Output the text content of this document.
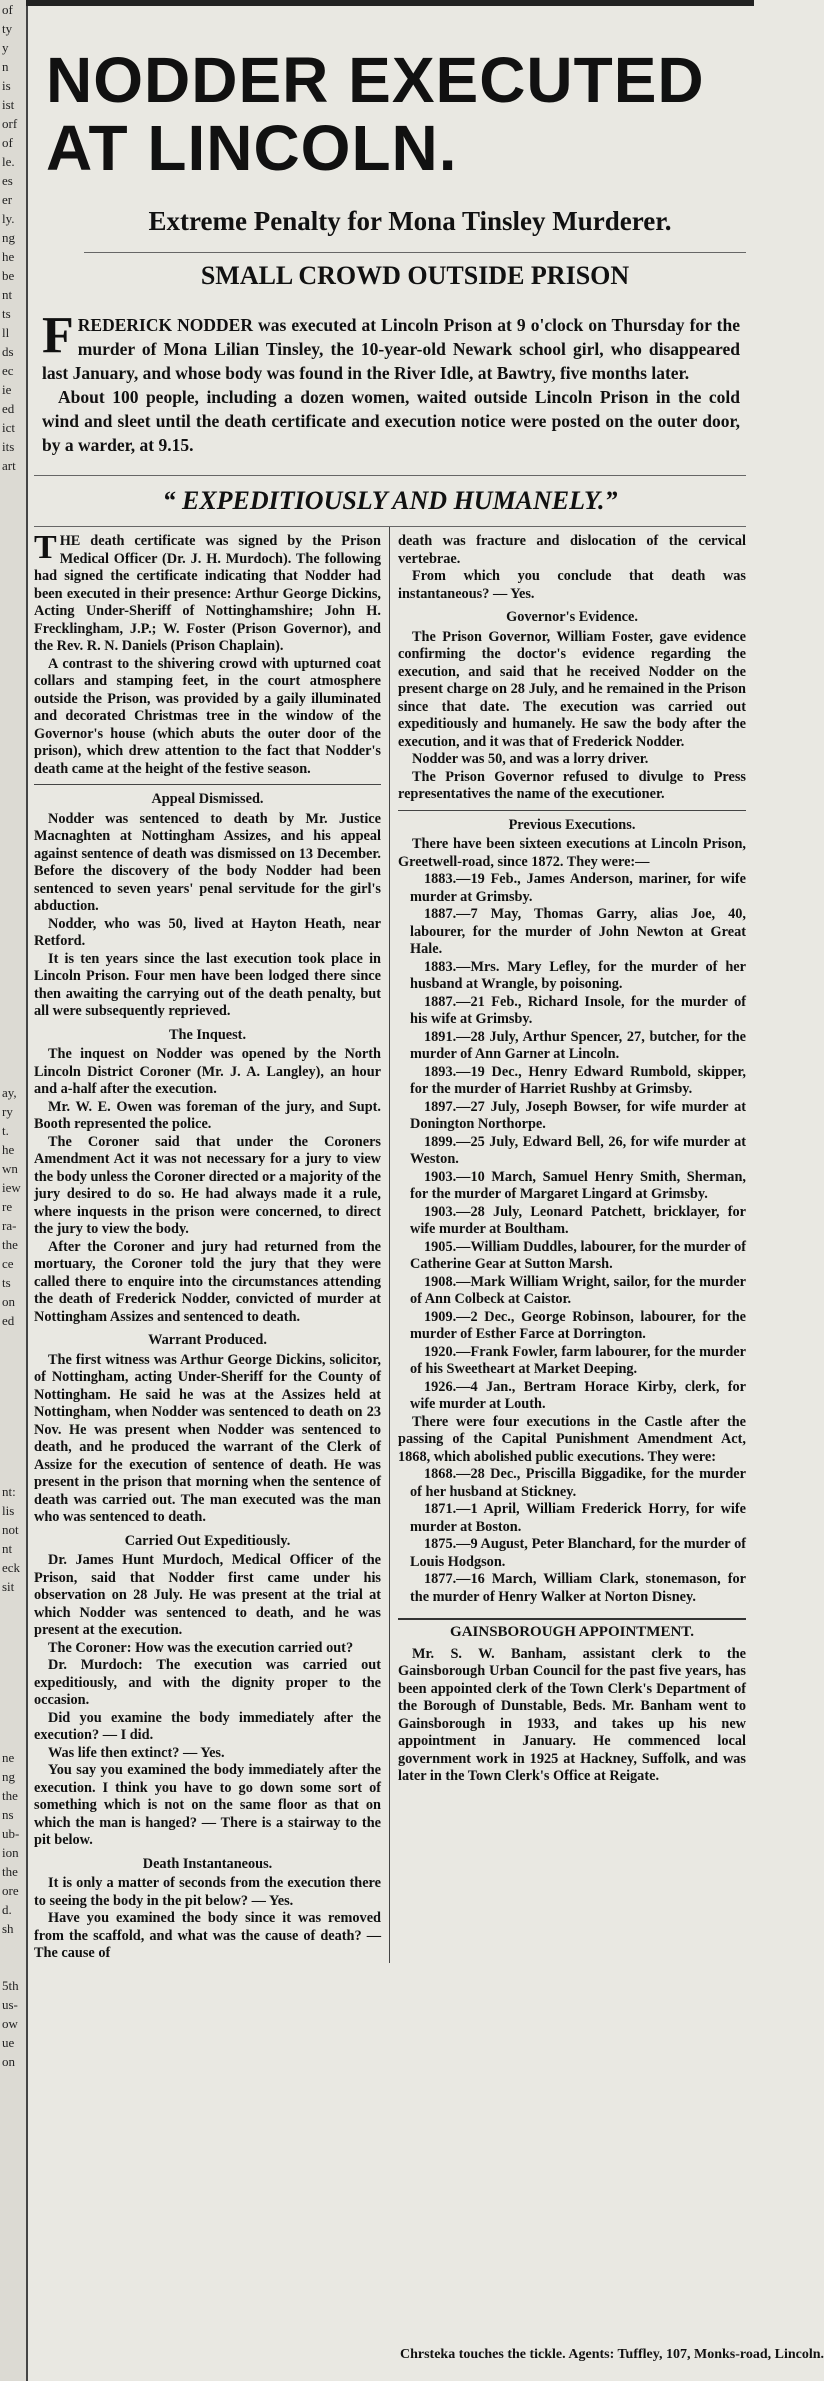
of
ty
y
n
is
ist
orf
of
le.
es
er
ly.
ng
he
be
nt
ts
ll
ds
ec
ie
ed
ict
its
art

ay,
ry
t.
he
wn
iew
re
ra-
the
ce
ts
on
ed

nt:
lis
not
nt
eck
sit

ne
ng
the
ns
ub-
ion
the
ore
d.
sh

5th
us-
ow
ue
on
NODDER EXECUTED
AT LINCOLN.
Extreme Penalty for Mona Tinsley Murderer.
SMALL CROWD OUTSIDE PRISON

FREDERICK NODDER was executed at Lincoln Prison at 9 o'clock on Thursday for the murder of Mona Lilian Tinsley, the 10-year-old Newark school girl, who disappeared last January, and whose body was found in the River Idle, at Bawtry, five months later.

About 100 people, including a dozen women, waited outside Lincoln Prison in the cold wind and sleet until the death certificate and execution notice were posted on the outer door, by a warder, at 9.15.

“ EXPEDITIOUSLY AND HUMANELY.”

THE death certificate was signed by the Prison Medical Officer (Dr. J. H. Murdoch). The following had signed the certificate indicating that Nodder had been executed in their presence: Arthur George Dickins, Acting Under-Sheriff of Nottinghamshire; John H. Frecklingham, J.P.; W. Foster (Prison Governor), and the Rev. R. N. Daniels (Prison Chaplain).

A contrast to the shivering crowd with upturned coat collars and stamping feet, in the court atmosphere outside the Prison, was provided by a gaily illuminated and decorated Christmas tree in the window of the Governor's house (which abuts the outer door of the prison), which drew attention to the fact that Nodder's death came at the height of the festive season.

Appeal Dismissed.

Nodder was sentenced to death by Mr. Justice Macnaghten at Nottingham Assizes, and his appeal against sentence of death was dismissed on 13 December. Before the discovery of the body Nodder had been sentenced to seven years' penal servitude for the girl's abduction.

Nodder, who was 50, lived at Hayton Heath, near Retford.

It is ten years since the last execution took place in Lincoln Prison. Four men have been lodged there since then awaiting the carrying out of the death penalty, but all were subsequently reprieved.

The Inquest.

The inquest on Nodder was opened by the North Lincoln District Coroner (Mr. J. A. Langley), an hour and a-half after the execution.

Mr. W. E. Owen was foreman of the jury, and Supt. Booth represented the police.

The Coroner said that under the Coroners Amendment Act it was not necessary for a jury to view the body unless the Coroner directed or a majority of the jury desired to do so. He had always made it a rule, where inquests in the prison were concerned, to direct the jury to view the body.

After the Coroner and jury had returned from the mortuary, the Coroner told the jury that they were called there to enquire into the circumstances attending the death of Frederick Nodder, convicted of murder at Nottingham Assizes and sentenced to death.

Warrant Produced.

The first witness was Arthur George Dickins, solicitor, of Nottingham, acting Under-Sheriff for the County of Nottingham. He said he was at the Assizes held at Nottingham, when Nodder was sentenced to death on 23 Nov. He was present when Nodder was sentenced to death, and he produced the warrant of the Clerk of Assize for the execution of sentence of death. He was present in the prison that morning when the sentence of death was carried out. The man executed was the man who was sentenced to death.

Carried Out Expeditiously.

Dr. James Hunt Murdoch, Medical Officer of the Prison, said that Nodder first came under his observation on 28 July. He was present at the trial at which Nodder was sentenced to death, and he was present at the execution.

The Coroner: How was the execution carried out?

Dr. Murdoch: The execution was carried out expeditiously, and with the dignity proper to the occasion.

Did you examine the body immediately after the execution? — I did.

Was life then extinct? — Yes.

You say you examined the body immediately after the execution. I think you have to go down some sort of something which is not on the same floor as that on which the man is hanged? — There is a stairway to the pit below.

Death Instantaneous.

It is only a matter of seconds from the execution there to seeing the body in the pit below? — Yes.

Have you examined the body since it was removed from the scaffold, and what was the cause of death? — The cause of

death was fracture and dislocation of the cervical vertebrae.

From which you conclude that death was instantaneous? — Yes.

Governor's Evidence.

The Prison Governor, William Foster, gave evidence confirming the doctor's evidence regarding the execution, and said that he received Nodder on the present charge on 28 July, and he remained in the Prison since that date. The execution was carried out expeditiously and humanely. He saw the body after the execution, and it was that of Frederick Nodder.

Nodder was 50, and was a lorry driver.

The Prison Governor refused to divulge to Press representatives the name of the executioner.

Previous Executions.

There have been sixteen executions at Lincoln Prison, Greetwell-road, since 1872. They were:—

1883.—19 Feb., James Anderson, mariner, for wife murder at Grimsby.

1887.—7 May, Thomas Garry, alias Joe, 40, labourer, for the murder of John Newton at Great Hale.

1883.—Mrs. Mary Lefley, for the murder of her husband at Wrangle, by poisoning.

1887.—21 Feb., Richard Insole, for the murder of his wife at Grimsby.

1891.—28 July, Arthur Spencer, 27, butcher, for the murder of Ann Garner at Lincoln.

1893.—19 Dec., Henry Edward Rumbold, skipper, for the murder of Harriet Rushby at Grimsby.

1897.—27 July, Joseph Bowser, for wife murder at Donington Northorpe.

1899.—25 July, Edward Bell, 26, for wife murder at Weston.

1903.—10 March, Samuel Henry Smith, Sherman, for the murder of Margaret Lingard at Grimsby.

1903.—28 July, Leonard Patchett, bricklayer, for wife murder at Boultham.

1905.—William Duddles, labourer, for the murder of Catherine Gear at Sutton Marsh.

1908.—Mark William Wright, sailor, for the murder of Ann Colbeck at Caistor.

1909.—2 Dec., George Robinson, labourer, for the murder of Esther Farce at Dorrington.

1920.—Frank Fowler, farm labourer, for the murder of his Sweetheart at Market Deeping.

1926.—4 Jan., Bertram Horace Kirby, clerk, for wife murder at Louth.

There were four executions in the Castle after the passing of the Capital Punishment Amendment Act, 1868, which abolished public executions. They were:

1868.—28 Dec., Priscilla Biggadike, for the murder of her husband at Stickney.

1871.—1 April, William Frederick Horry, for wife murder at Boston.

1875.—9 August, Peter Blanchard, for the murder of Louis Hodgson.

1877.—16 March, William Clark, stonemason, for the murder of Henry Walker at Norton Disney.

GAINSBOROUGH APPOINTMENT.

Mr. S. W. Banham, assistant clerk to the Gainsborough Urban Council for the past five years, has been appointed clerk of the Town Clerk's Department of the Borough of Dunstable, Beds. Mr. Banham went to Gainsborough in 1933, and takes up his new appointment in January. He commenced local government work in 1925 at Hackney, Suffolk, and was later in the Town Clerk's Office at Reigate.

Chrsteka touches the tickle. Agents: Tuffley, 107, Monks-road, Lincoln.
